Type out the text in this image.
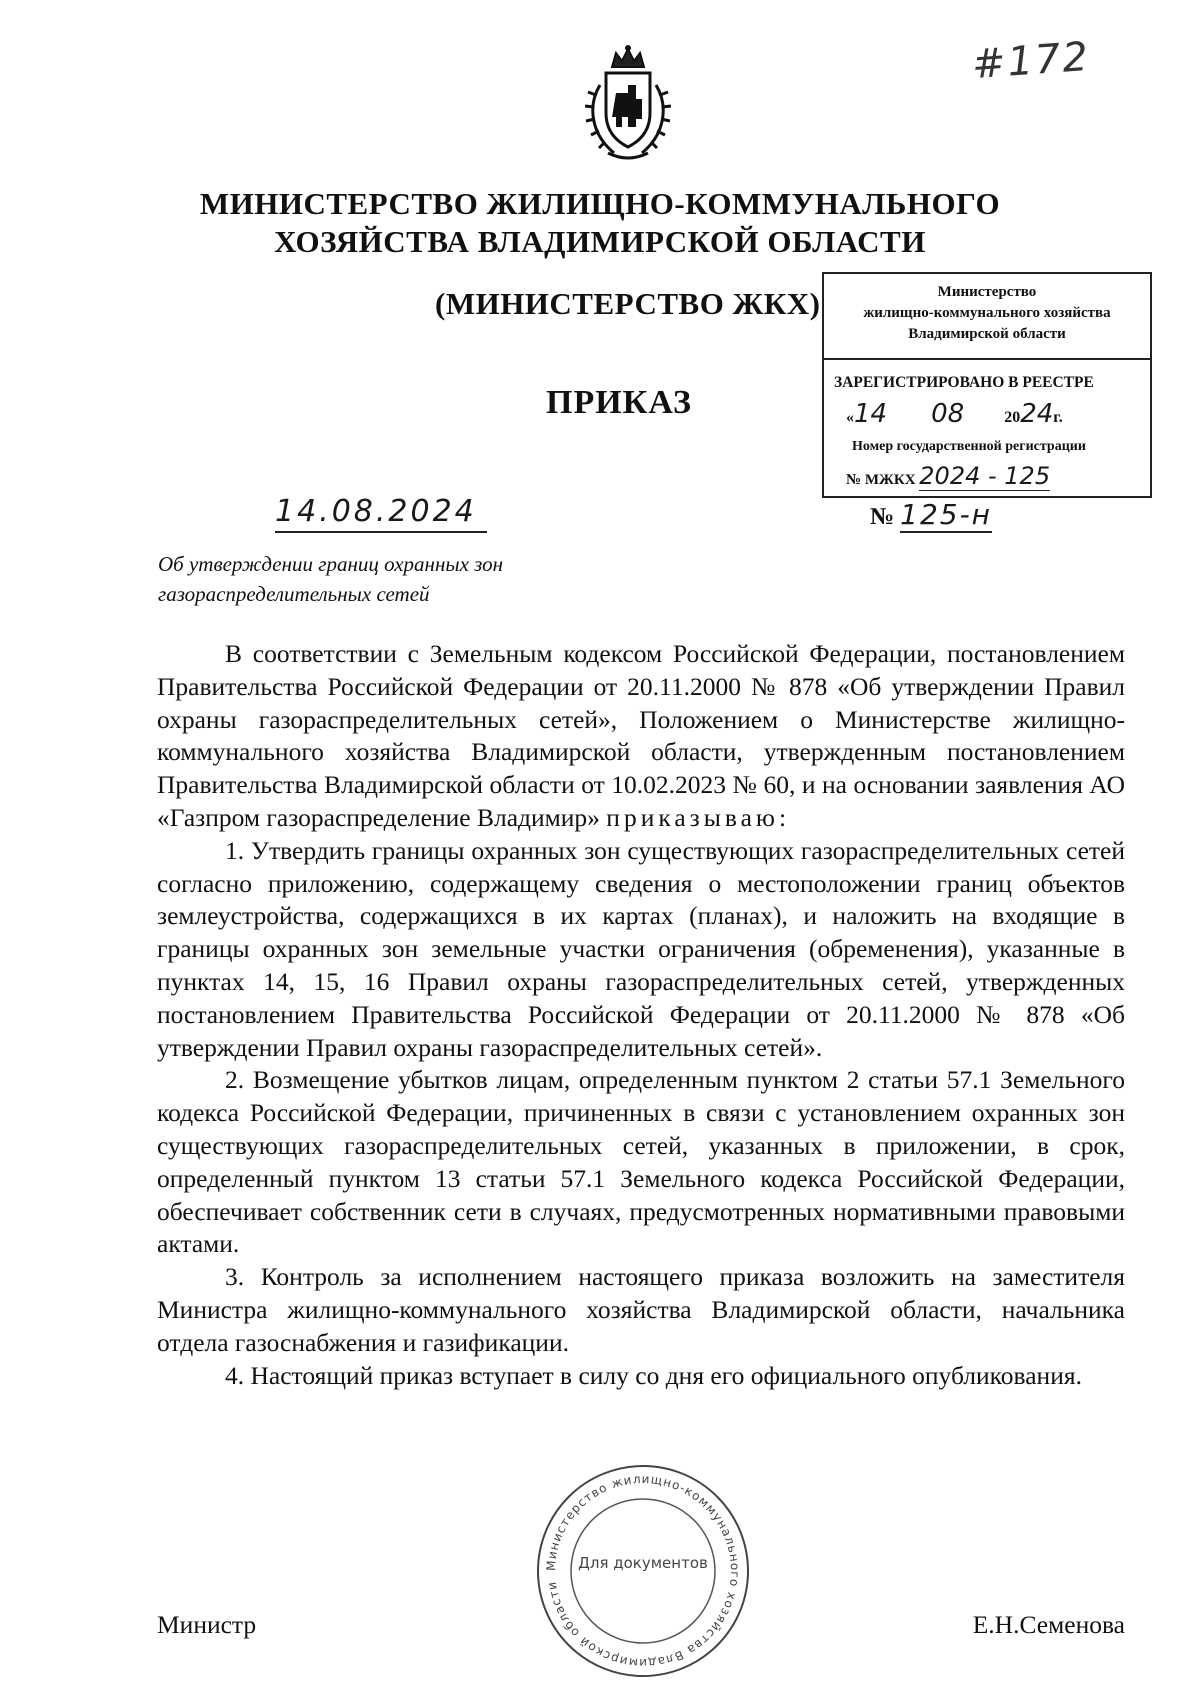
#172
МИНИСТЕРСТВО ЖИЛИЩНО-КОММУНАЛЬНОГО
ХОЗЯЙСТВА ВЛАДИМИРСКОЙ ОБЛАСТИ
(МИНИСТЕРСТВО ЖКХ)
ПРИКАЗ
Министерство
жилищно-коммунального хозяйства
Владимирской области
ЗАРЕГИСТРИРОВАНО В РЕЕСТРЕ
«14 08	2024г.
Номер государственной регистрации
№ МЖКХ 2024 - 125
14.08.2024	№ 125-н
Об утверждении границ охранных зон
газораспределительных сетей

В соответствии с Земельным кодексом Российской Федерации, постановлением Правительства Российской Федерации от 20.11.2000 № 878 «Об утверждении Правил охраны газораспределительных сетей», Положением о Министерстве жилищно-коммунального хозяйства Владимирской области, утвержденным постановлением Правительства Владимирской области от 10.02.2023 № 60, и на основании заявления АО «Газпром газораспределение Владимир» приказываю:

1. Утвердить границы охранных зон существующих газораспределительных сетей согласно приложению, содержащему сведения о местоположении границ объектов землеустройства, содержащихся в их картах (планах), и наложить на входящие в границы охранных зон земельные участки ограничения (обременения), указанные в пунктах 14, 15, 16 Правил охраны газораспределительных сетей, утвержденных постановлением Правительства Российской Федерации от 20.11.2000 № 878 «Об утверждении Правил охраны газораспределительных сетей».

2. Возмещение убытков лицам, определенным пунктом 2 статьи 57.1 Земельного кодекса Российской Федерации, причиненных в связи с установлением охранных зон существующих газораспределительных сетей, указанных в приложении, в срок, определенный пунктом 13 статьи 57.1 Земельного кодекса Российской Федерации, обеспечивает собственник сети в случаях, предусмотренных нормативными правовыми актами.

3. Контроль за исполнением настоящего приказа возложить на заместителя Министра жилищно-коммунального хозяйства Владимирской области, начальника отдела газоснабжения и газификации.

4. Настоящий приказ вступает в силу со дня его официального опубликования.

Министр	Е.Н.Семенова
Министерство жилищно-коммунального хозяйства Владимирской области
Для документов
